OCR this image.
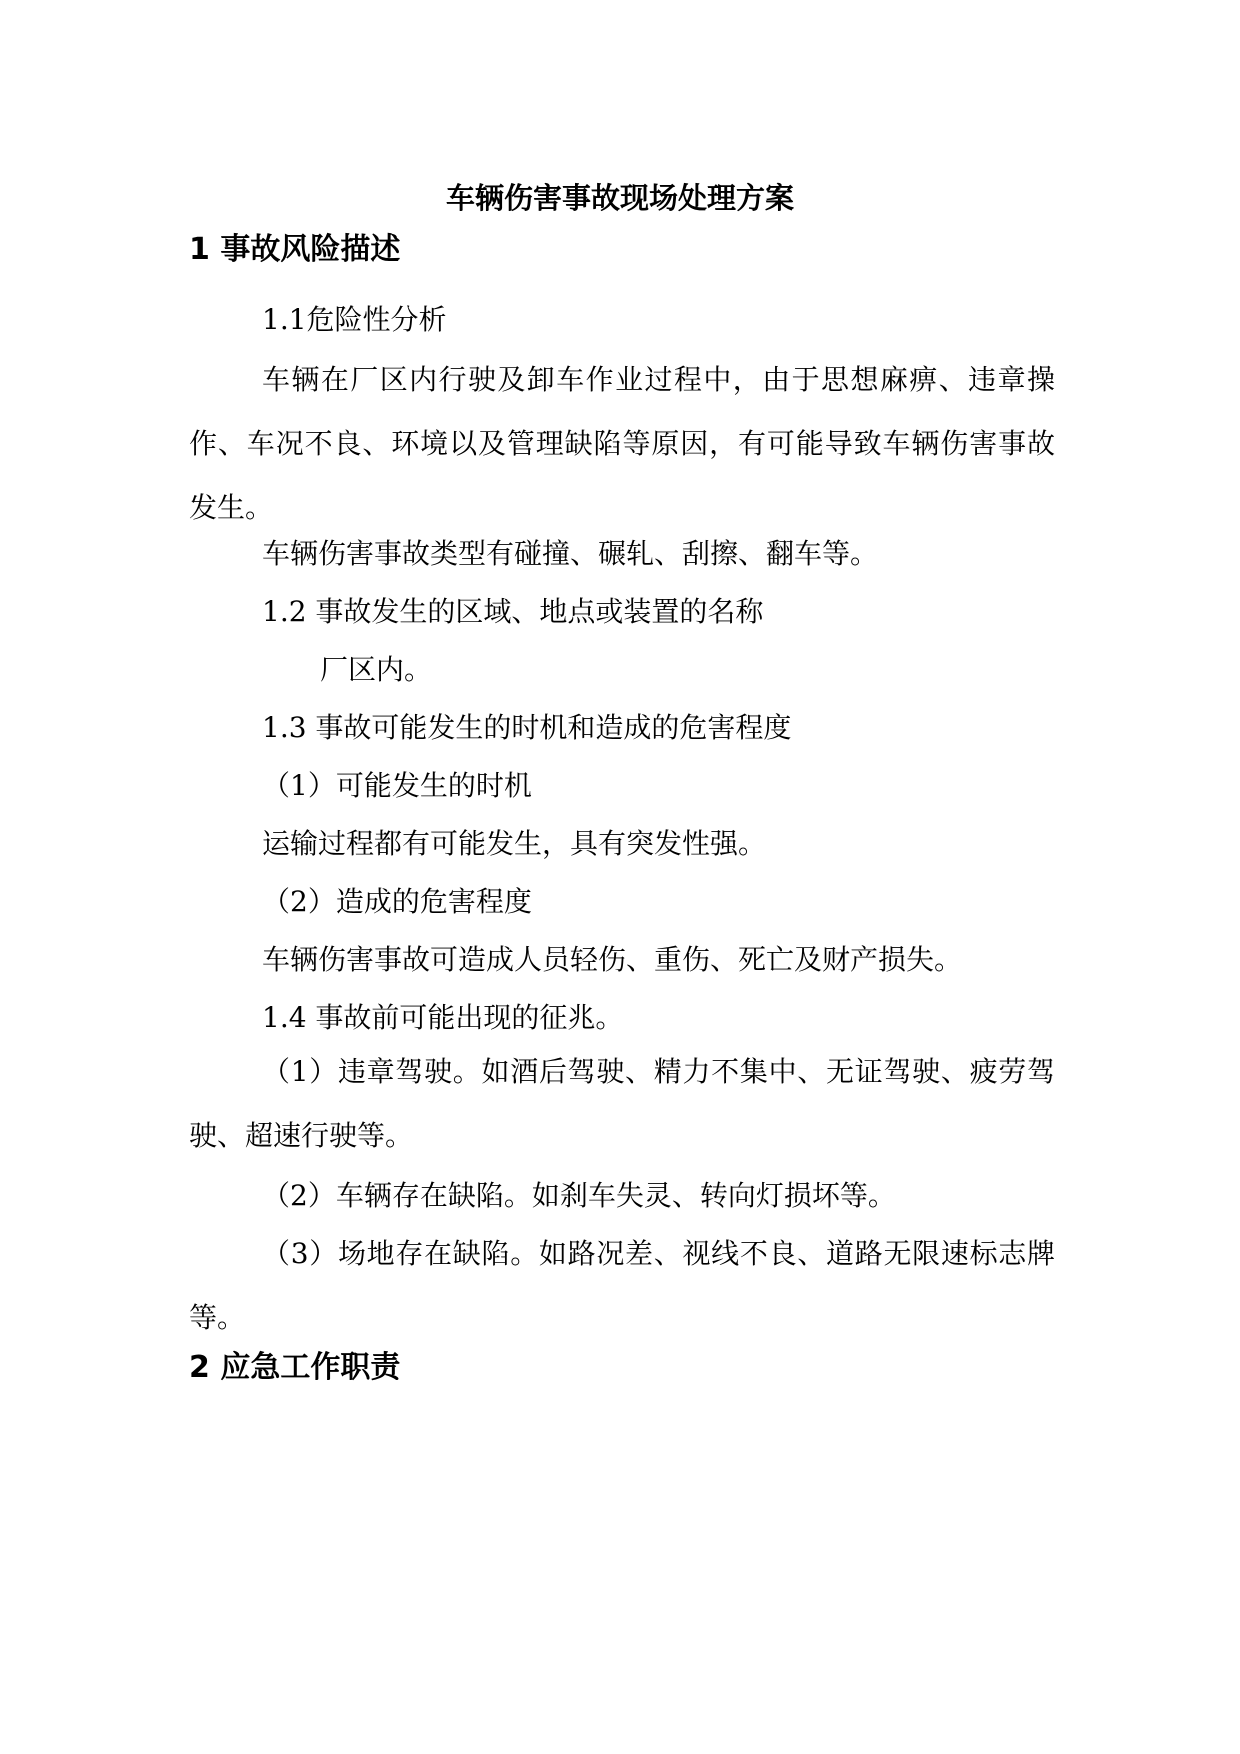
车辆伤害事故现场处理方案
1 事故风险描述

1.1危险性分析

车辆在厂区内行驶及卸车作业过程中，由于思想麻痹、违章操作、车况不良、环境以及管理缺陷等原因，有可能导致车辆伤害事故发生。

车辆伤害事故类型有碰撞、碾轧、刮擦、翻车等。

1.2 事故发生的区域、地点或装置的名称

厂区内。

1.3 事故可能发生的时机和造成的危害程度

（1）可能发生的时机

运输过程都有可能发生，具有突发性强。

（2）造成的危害程度

车辆伤害事故可造成人员轻伤、重伤、死亡及财产损失。

1.4 事故前可能出现的征兆。

（1）违章驾驶。如酒后驾驶、精力不集中、无证驾驶、疲劳驾驶、超速行驶等。

（2）车辆存在缺陷。如刹车失灵、转向灯损坏等。

（3）场地存在缺陷。如路况差、视线不良、道路无限速标志牌等。

2 应急工作职责
